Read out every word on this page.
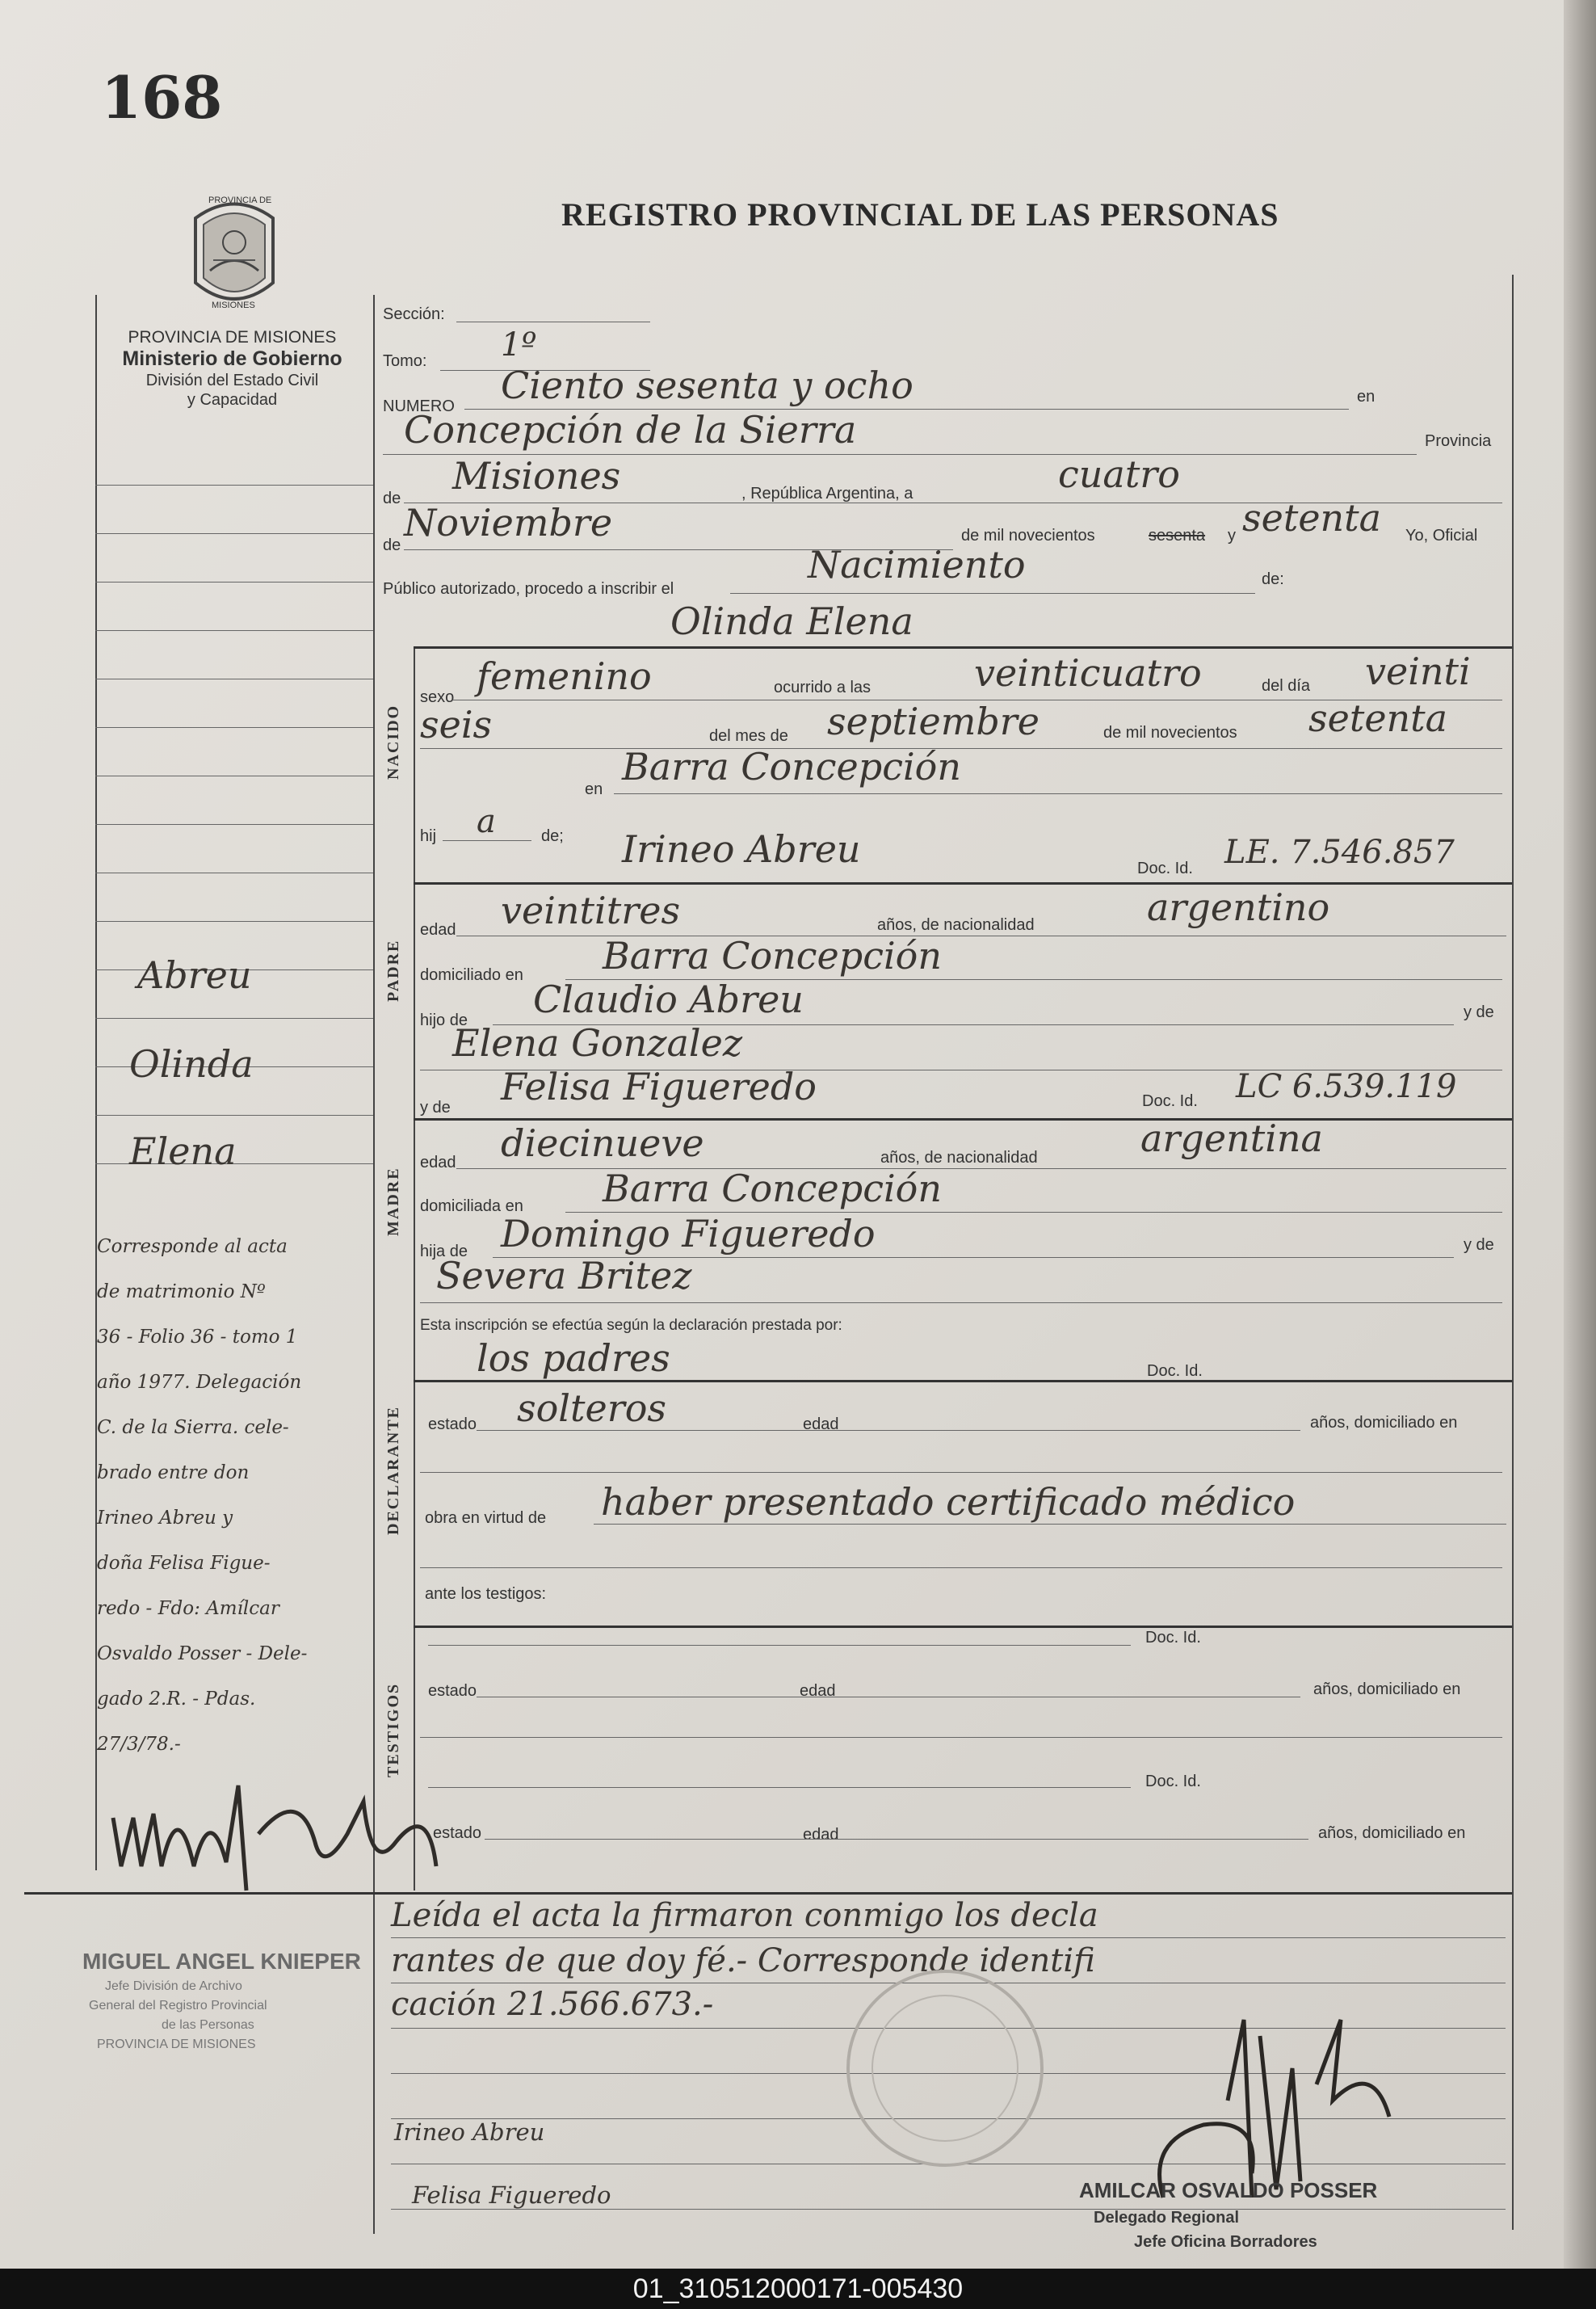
168
REGISTRO PROVINCIAL DE LAS PERSONAS
PROVINCIA DE
MISIONES
PROVINCIA DE MISIONES
Ministerio de Gobierno
División del Estado Civil
y Capacidad
Sección:
Tomo: 1º
NUMERO Ciento sesenta y ocho	en
Concepción de la Sierra	Provincia
de
Misiones	, República Argentina, a	cuatro
de
Noviembre	de mil novecientos	sesenta y setenta Yo, Oficial
Público autorizado, procedo a inscribir el
Nacimiento	de:
Olinda Elena
NACIDO
sexo femenino	ocurrido a las	veinticuatro	del día veinti
seis	del mes de septiembre	de mil novecientos setenta
en
Barra Concepción
hij a	de;
PADRE
Irineo Abreu	Doc. Id. LE. 7.546.857
edad veintitres	años, de nacionalidad	argentino
domiciliado en Barra Concepción
hijo de Claudio Abreu	y de
Elena Gonzalez
MADRE
y de Felisa Figueredo	Doc. Id. LC 6.539.119
edad diecinueve	años, de nacionalidad	argentina
domiciliada en Barra Concepción
hija de Domingo Figueredo	y de
Severa Britez
Esta inscripción se efectúa según la declaración prestada por:
DECLARANTE
los padres	Doc. Id.
estado solteros	edad	años, domiciliado en
obra en virtud de haber presentado certificado médico
ante los testigos:
TESTIGOS
Doc. Id.
estado	edad	años, domiciliado en
Doc. Id.
estado	edad	años, domiciliado en
Leída el acta la firmaron conmigo los decla
rantes de que doy fé.- Corresponde identifi
cación 21.566.673.-
Irineo Abreu
Felisa Figueredo
Abreu
Olinda
Elena
Corresponde al acta
de matrimonio Nº
36 - Folio 36 - tomo 1
año 1977. Delegación
C. de la Sierra. cele-
brado entre don
Irineo Abreu y
doña Felisa Figue-
redo - Fdo: Amílcar
Osvaldo Posser - Dele-
gado 2.R. - Pdas.
27/3/78.-
MIGUEL ANGEL KNIEPER
Jefe División de Archivo
General del Registro Provincial
de las Personas
PROVINCIA DE MISIONES
AMILCAR OSVALDO POSSER
Delegado Regional
Jefe Oficina Borradores
01_310512000171-005430
